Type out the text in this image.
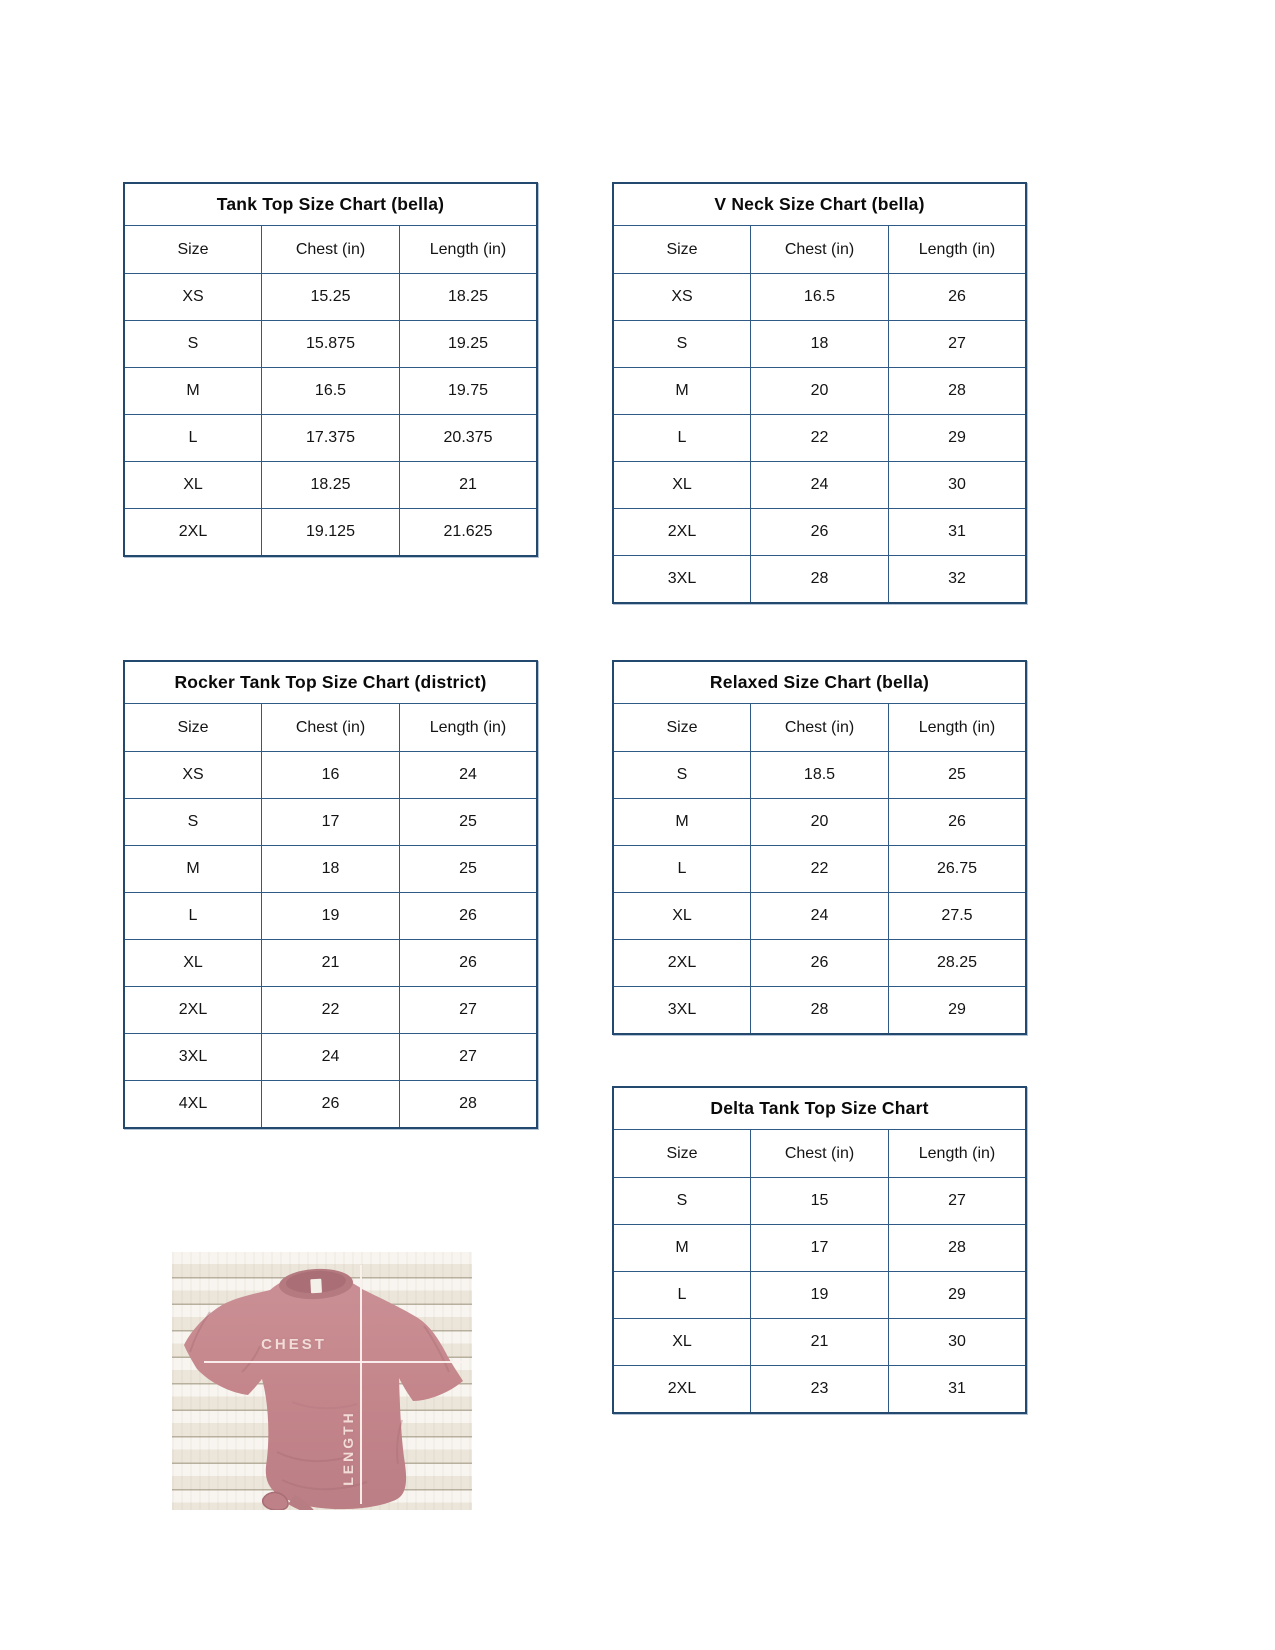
Tank Top Size Chart (bella)
Size	Chest (in)	Length (in)
XS	15.25	18.25
S	15.875	19.25
M	16.5	19.75
L	17.375	20.375
XL	18.25	21
2XL	19.125	21.625
V Neck Size Chart (bella)
Size	Chest (in)	Length (in)
XS	16.5	26
S	18	27
M	20	28
L	22	29
XL	24	30
2XL	26	31
3XL	28	32
Rocker Tank Top Size Chart (district)
Size	Chest (in)	Length (in)
XS	16	24
S	17	25
M	18	25
L	19	26
XL	21	26
2XL	22	27
3XL	24	27
4XL	26	28
Relaxed Size Chart (bella)
Size	Chest (in)	Length (in)
S	18.5	25
M	20	26
L	22	26.75
XL	24	27.5
2XL	26	28.25
3XL	28	29
Delta Tank Top Size Chart
Size	Chest (in)	Length (in)
S	15	27
M	17	28
L	19	29
XL	21	30
2XL	23	31
CHEST
LENGTH
